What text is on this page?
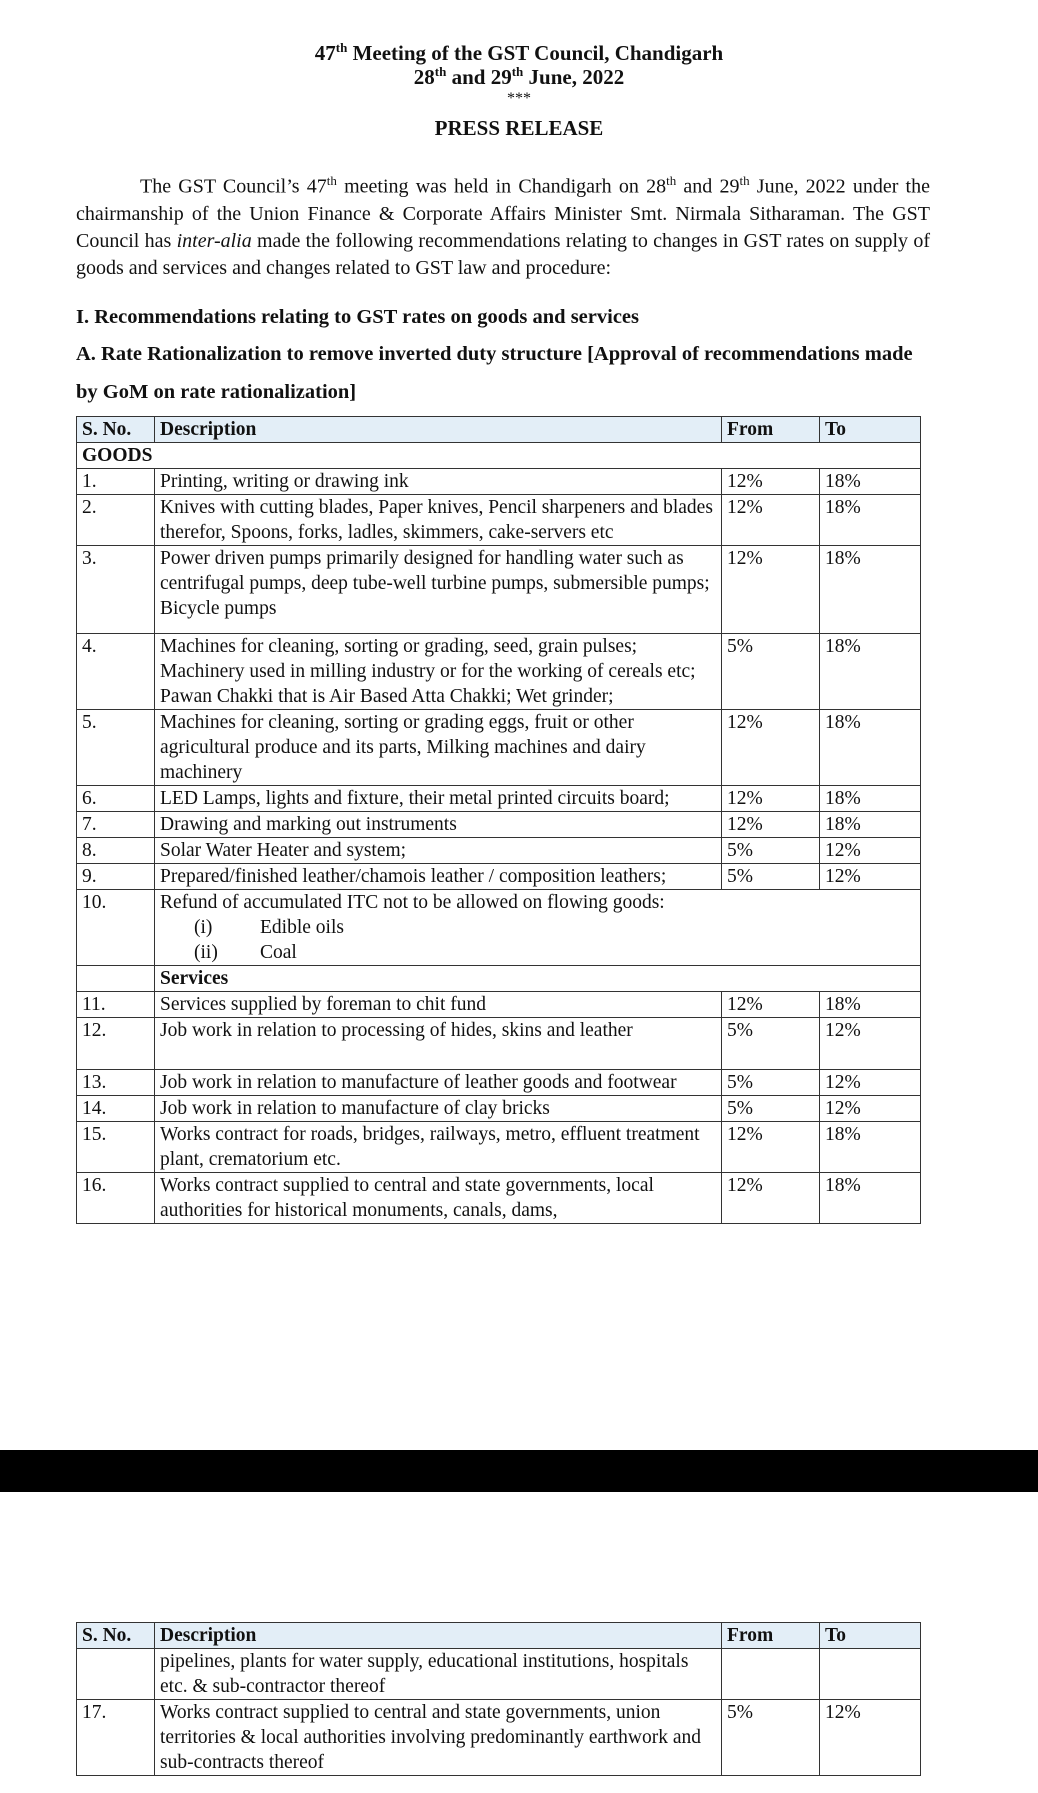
47th Meeting of the GST Council, Chandigarh
28th and 29th June, 2022
***
PRESS RELEASE
The GST Council’s 47th meeting was held in Chandigarh on 28th and 29th June, 2022 under the chairmanship of the Union Finance & Corporate Affairs Minister Smt. Nirmala Sitharaman. The GST Council has inter-alia made the following recommendations relating to changes in GST rates on supply of goods and services and changes related to GST law and procedure:
I. Recommendations relating to GST rates on goods and services
A. Rate Rationalization to remove inverted duty structure [Approval of recommendations made by GoM on rate rationalization]
S. No.	Description	From	To
GOODS			
1.	Printing, writing or drawing ink	12%	18%
2.	Knives with cutting blades, Paper knives, Pencil sharpeners and blades therefor, Spoons, forks, ladles, skimmers, cake-servers etc	12%	18%
3.	Power driven pumps primarily designed for handling water such as centrifugal pumps, deep tube-well turbine pumps, submersible pumps; Bicycle pumps	12%	18%
4.	Machines for cleaning, sorting or grading, seed, grain pulses; Machinery used in milling industry or for the working of cereals etc; Pawan Chakki that is Air Based Atta Chakki; Wet grinder;	5%	18%
5.	Machines for cleaning, sorting or grading eggs, fruit or other agricultural produce and its parts, Milking machines and dairy machinery	12%	18%
6.	LED Lamps, lights and fixture, their metal printed circuits board;	12%	18%
7.	Drawing and marking out instruments	12%	18%
8.	Solar Water Heater and system;	5%	12%
9.	Prepared/finished leather/chamois leather / composition leathers;	5%	12%
10.	Refund of accumulated ITC not to be allowed on flowing goods:
(i) Edible oils
(ii) Coal		

	Services		
11.	Services supplied by foreman to chit fund	12%	18%
12.	Job work in relation to processing of hides, skins and leather	5%	12%
13.	Job work in relation to manufacture of leather goods and footwear	5%	12%
14.	Job work in relation to manufacture of clay bricks	5%	12%
15.	Works contract for roads, bridges, railways, metro, effluent treatment plant, crematorium etc.	12%	18%
16.	Works contract supplied to central and state governments, local authorities for historical monuments, canals, dams,	12%	18%
S. No.	Description	From	To
	pipelines, plants for water supply, educational institutions, hospitals etc. & sub-contractor thereof		
17.	Works contract supplied to central and state governments, union territories & local authorities involving predominantly earthwork and sub-contracts thereof	5%	12%
